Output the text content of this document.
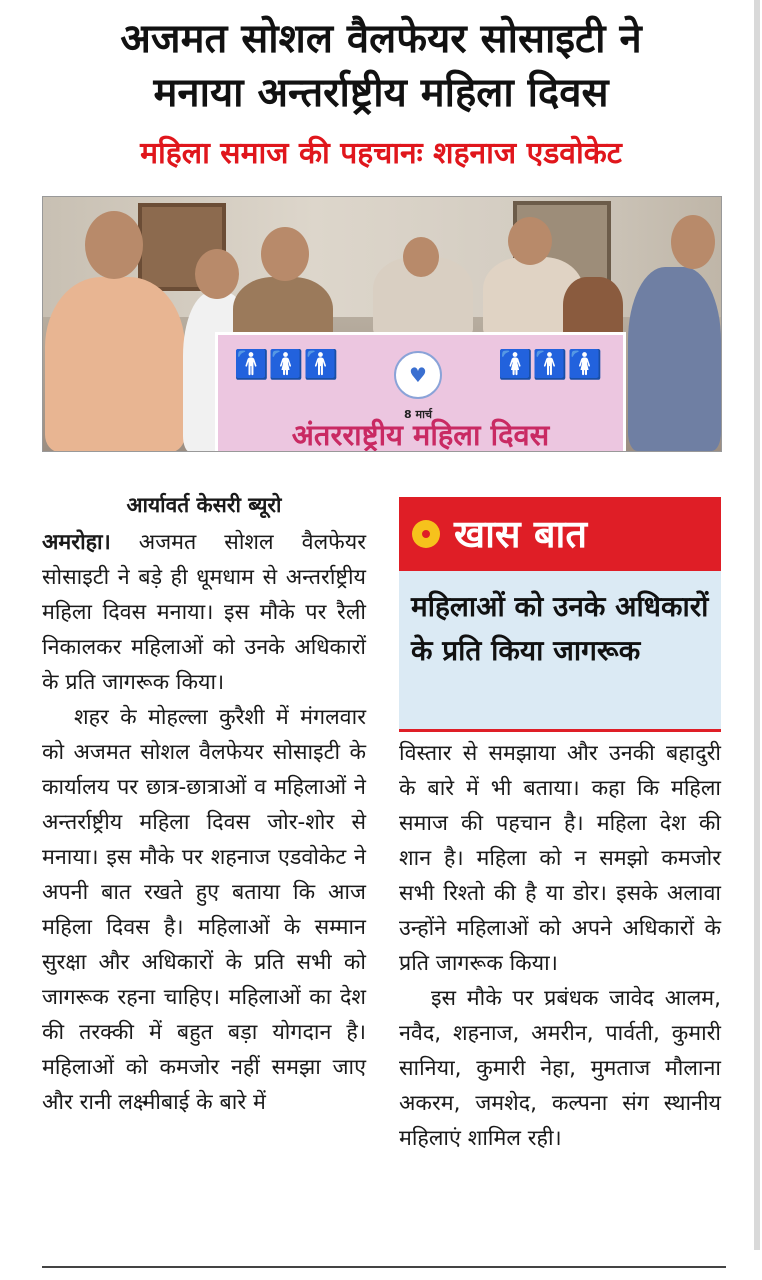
अजमत सोशल वैलफेयर सोसाइटी ने
मनाया अन्तर्राष्ट्रीय महिला दिवस
महिला समाज की पहचानः शहनाज एडवोकेट
🚹🚺🚹	♥
8 मार्च
🚺🚹🚺
अंतरराष्ट्रीय महिला दिवस
आर्यावर्त केसरी ब्यूरो

अमरोहा। अजमत सोशल वैलफेयर सोसाइटी ने बड़े ही धूमधाम से अन्तर्राष्ट्रीय महिला दिवस मनाया। इस मौके पर रैली निकालकर महिलाओं को उनके अधिकारों के प्रति जागरूक किया।

शहर के मोहल्ला कुरैशी में मंगलवार को अजमत सोशल वैलफेयर सोसाइटी के कार्यालय पर छात्र-छात्राओं व महिलाओं ने अन्तर्राष्ट्रीय महिला दिवस जोर-शोर से मनाया। इस मौके पर शहनाज एडवोकेट ने अपनी बात रखते हुए बताया कि आज महिला दिवस है। महिलाओं के सम्मान सुरक्षा और अधिकारों के प्रति सभी को जागरूक रहना चाहिए। महिलाओं का देश की तरक्की में बहुत बड़ा योगदान है। महिलाओं को कमजोर नहीं समझा जाए और रानी लक्ष्मीबाई के बारे में

खास बात
महिलाओं को उनके अधिकारों के प्रति किया जागरूक

विस्तार से समझाया और उनकी बहादुरी के बारे में भी बताया। कहा कि महिला समाज की पहचान है। महिला देश की शान है। महिला को न समझो कमजोर सभी रिश्तो की है या डोर। इसके अलावा उन्होंने महिलाओं को अपने अधिकारों के प्रति जागरूक किया।

इस मौके पर प्रबंधक जावेद आलम, नवैद, शहनाज, अमरीन, पार्वती, कुमारी सानिया, कुमारी नेहा, मुमताज मौलाना अकरम, जमशेद, कल्पना संग स्थानीय महिलाएं शामिल रही।
